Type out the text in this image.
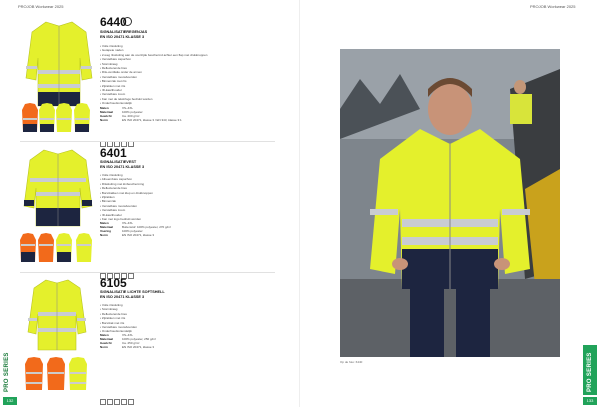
PROJOB Workwear 2025	PROJOB Workwear 2025
PRO SERIES
132
PRO SERIES
133
6440
SIGNALISATIEREGENJAS
EN ISO 20471 KLASSE 3
• Volle ritssluiting
• Getapete naden
• 2-weg ritssluiting aan de voorzijde beschermd achter een flap met drukknoppen
• Verstelbare capuchon
• Stormkraag
• Reflecterende bies
• Rits-ventilatie onder de armen
• Verstelbare mouwboorden
• Binnenzak met rits
• Zijzakken met rits
• ID-kaarthouder
• Verstelbare zoom
• Kan met de tekst/logo bedrukt worden
• Onderhoudsvriendelijk
Maten	XS–4XL
Materiaal	100% polyester
Gewicht	Ca. 200 g/m²
Norm	EN ISO 20471, klasse 3 / EN 343, klasse 3:1
6401
SIGNALISATIEVEST
EN ISO 20471 KLASSE 3
• Volle ritssluiting
• Afneembare capuchon
• Ritssluiting met kinbescherming
• Reflecterende bies
• Borstzakken met klep en drukknoppen
• Zijzakken
• Binnenzak
• Verstelbare mouwboorden
• Verstelbare zoom
• ID-kaarthouder
• Kan met logo bedrukt worden
Maten	XS–4XL
Materiaal	Buitenstof: 100% polyester, 270 g/m²
Voering	100% polyester
Norm	EN ISO 20471, klasse 3
6105
SIGNALISATIE LICHTE SOFTSHELL
EN ISO 20471 KLASSE 3
• Volle ritssluiting
• Stormkraag
• Reflecterende bies
• Zijzakken met rits
• Borstzak met rits
• Verstelbare mouwboorden
• Onderhoudsvriendelijk
Maten	XS–4XL
Materiaal	100% polyester, 250 g/m²
Gewicht	Ca. 250 g/m²
Norm	EN ISO 20471, klasse 3
Op de foto: 6440
